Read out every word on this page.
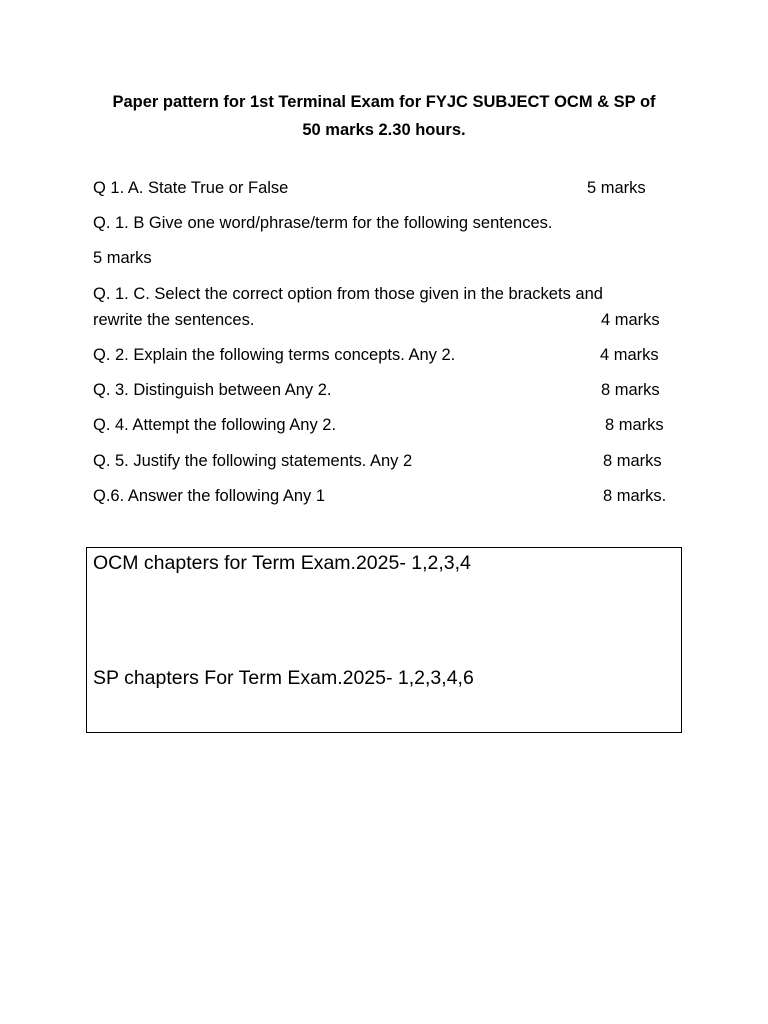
Paper pattern for 1st Terminal Exam for FYJC SUBJECT OCM & SP of
50 marks 2.30 hours.
Q 1. A. State True or False	5 marks
Q. 1. B Give one word/phrase/term for the following sentences.
5 marks
Q. 1. C. Select the correct option from those given in the brackets and
rewrite the sentences.	4 marks
Q. 2. Explain the following terms concepts. Any 2.	4 marks
Q. 3. Distinguish between Any 2.	8 marks
Q. 4. Attempt the following Any 2.	8 marks
Q. 5. Justify the following statements. Any 2	8 marks
Q.6. Answer the following Any 1	8 marks.
OCM chapters for Term Exam.2025- 1,2,3,4
SP chapters For Term Exam.2025- 1,2,3,4,6
